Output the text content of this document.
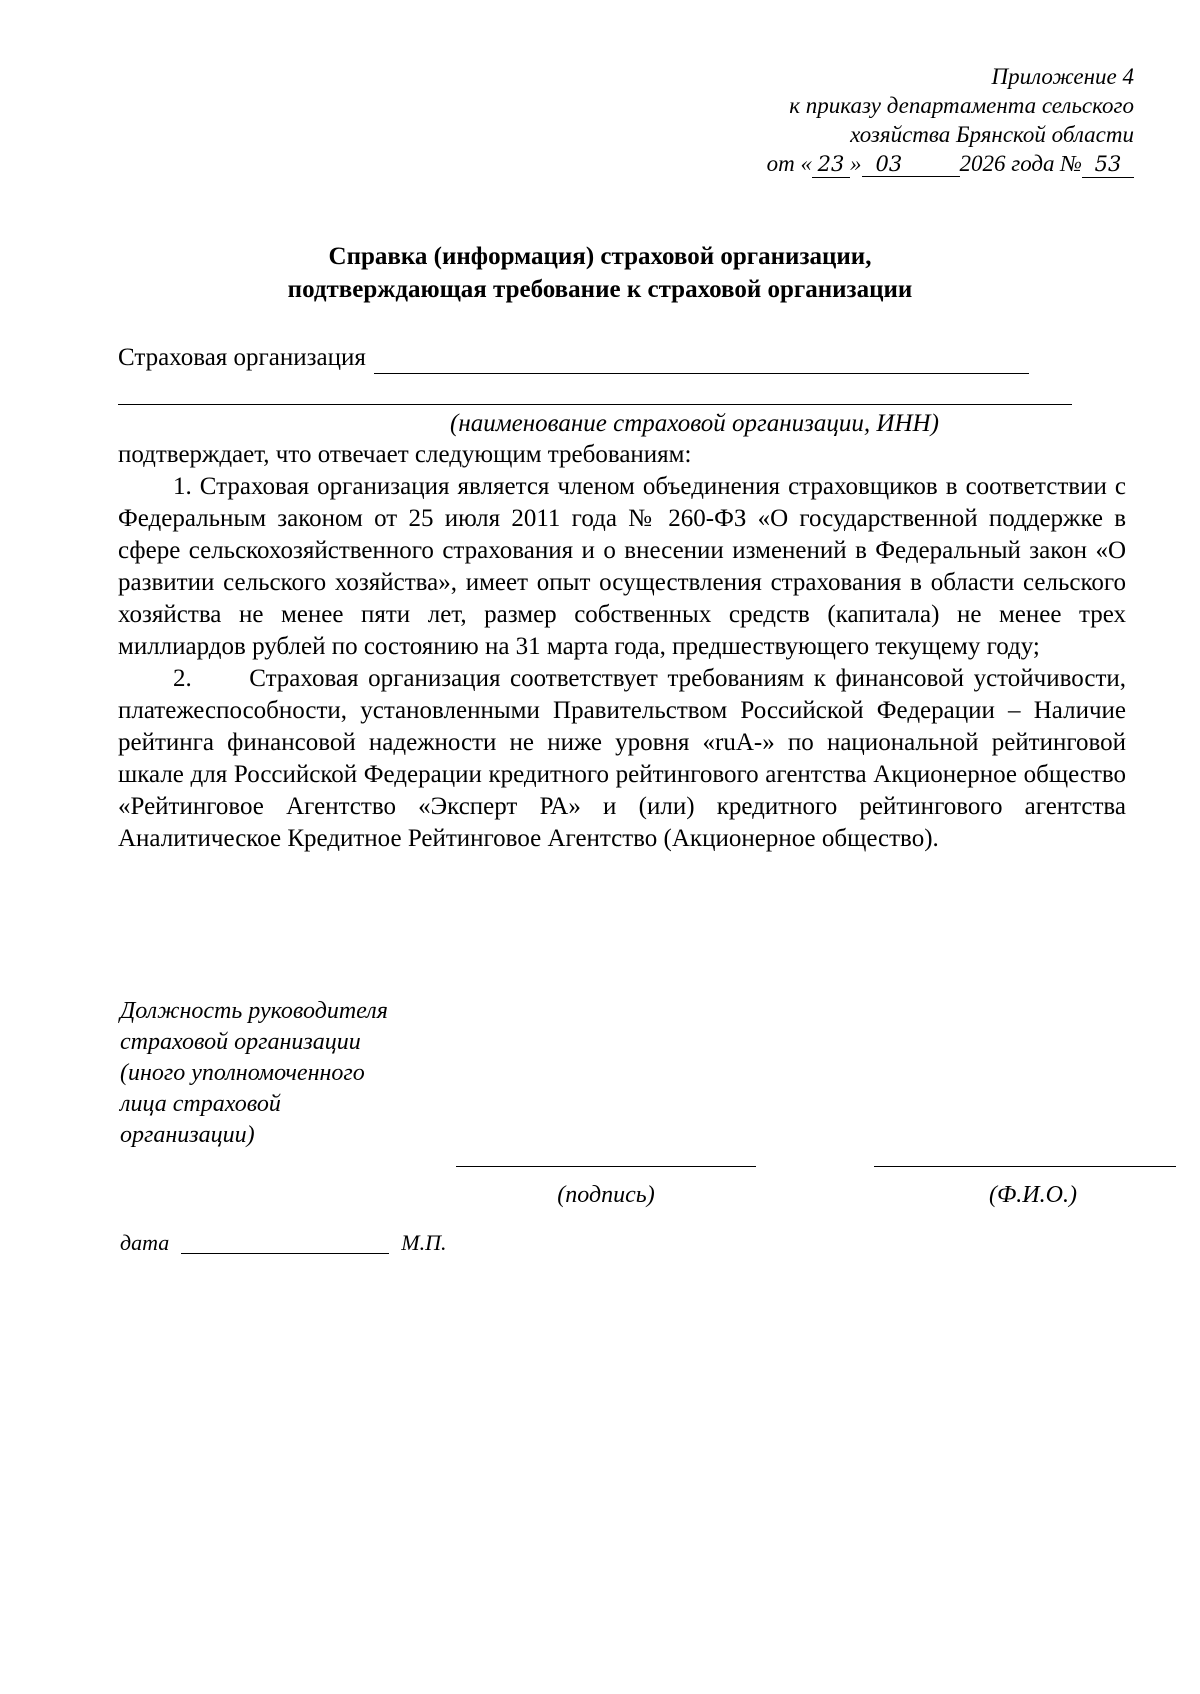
Приложение 4
к приказу департамента сельского
хозяйства Брянской области
от « 23 » 03 2026 года № 53
Справка (информация) страховой организации,
подтверждающая требование к страховой организации
Страховая организация
(наименование страховой организации, ИНН)

подтверждает, что отвечает следующим требованиям:

1. Страховая организация является членом объединения страховщиков в соответствии с Федеральным законом от 25 июля 2011 года № 260-ФЗ «О государственной поддержке в сфере сельскохозяйственного страхования и о внесении изменений в Федеральный закон «О развитии сельского хозяйства», имеет опыт осуществления страхования в области сельского хозяйства не менее пяти лет, размер собственных средств (капитала) не менее трех миллиардов рублей по состоянию на 31 марта года, предшествующего текущему году;

2.      Страховая организация соответствует требованиям к финансовой устойчивости, платежеспособности, установленными Правительством Российской Федерации – Наличие рейтинга финансовой надежности не ниже уровня «ruA-» по национальной рейтинговой шкале для Российской Федерации кредитного рейтингового агентства Акционерное общество «Рейтинговое Агентство «Эксперт РА» и (или) кредитного рейтингового агентства Аналитическое Кредитное Рейтинговое Агентство (Акционерное общество).

Должность руководителя
страховой организации
(иного уполномоченного
лица страховой
организации)
(подпись)	(Ф.И.О.)
дата	М.П.
